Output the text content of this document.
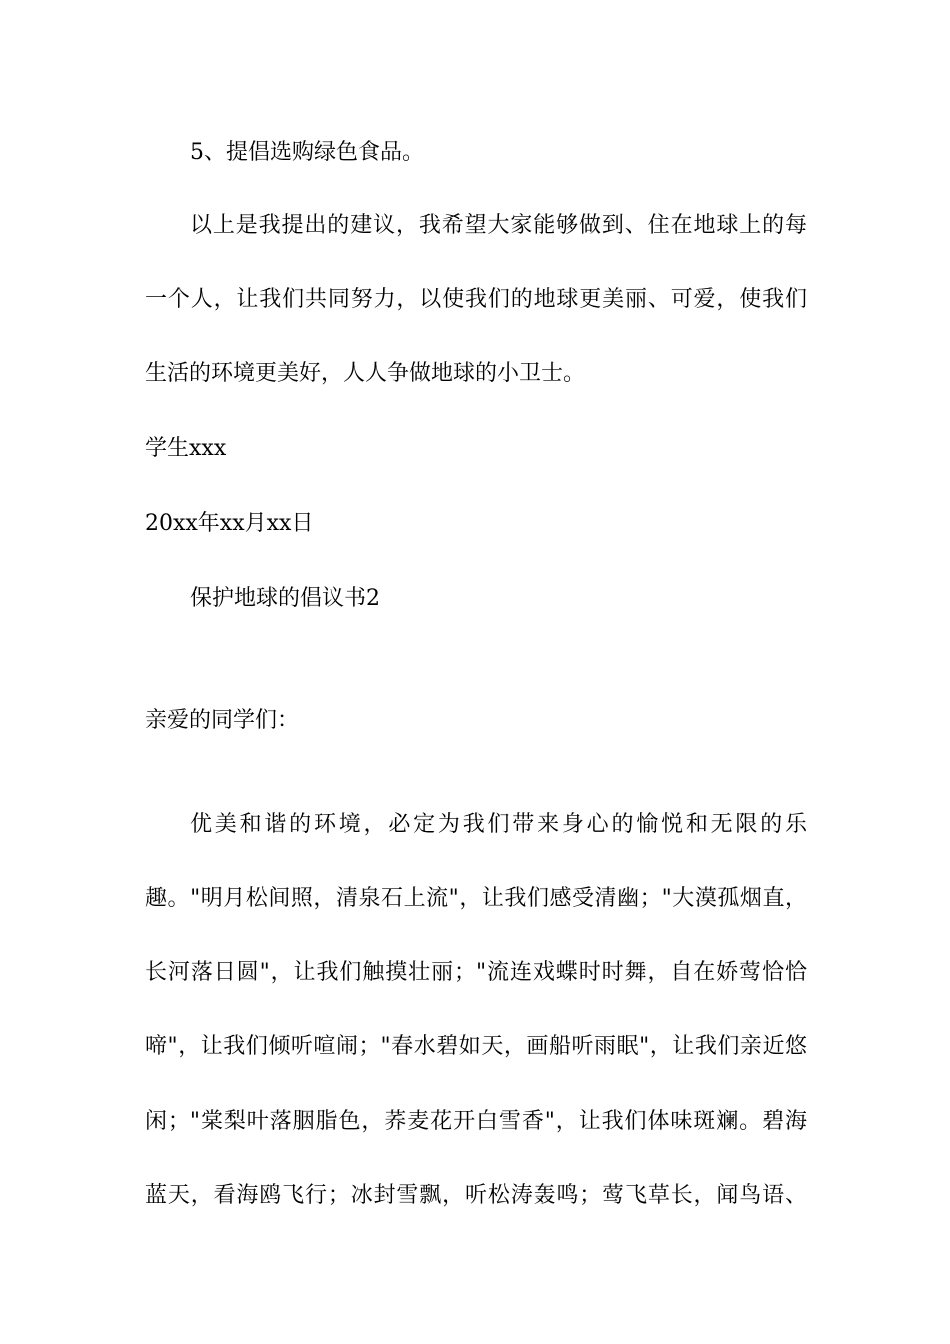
5、提倡选购绿色食品。
以上是我提出的建议，我希望大家能够做到、住在地球上的每
一个人，让我们共同努力，以使我们的地球更美丽、可爱，使我们
生活的环境更美好，人人争做地球的小卫士。
学生xxx
20xx年xx月xx日
保护地球的倡议书2
亲爱的同学们：
优美和谐的环境，必定为我们带来身心的愉悦和无限的乐
趣。"明月松间照，清泉石上流"，让我们感受清幽；"大漠孤烟直，
长河落日圆"，让我们触摸壮丽；"流连戏蝶时时舞，自在娇莺恰恰
啼"，让我们倾听喧闹；"春水碧如天，画船听雨眠"，让我们亲近悠
闲；"棠梨叶落胭脂色，荞麦花开白雪香"，让我们体味斑斓。碧海
蓝天，看海鸥飞行；冰封雪飘，听松涛轰鸣；莺飞草长，闻鸟语、
